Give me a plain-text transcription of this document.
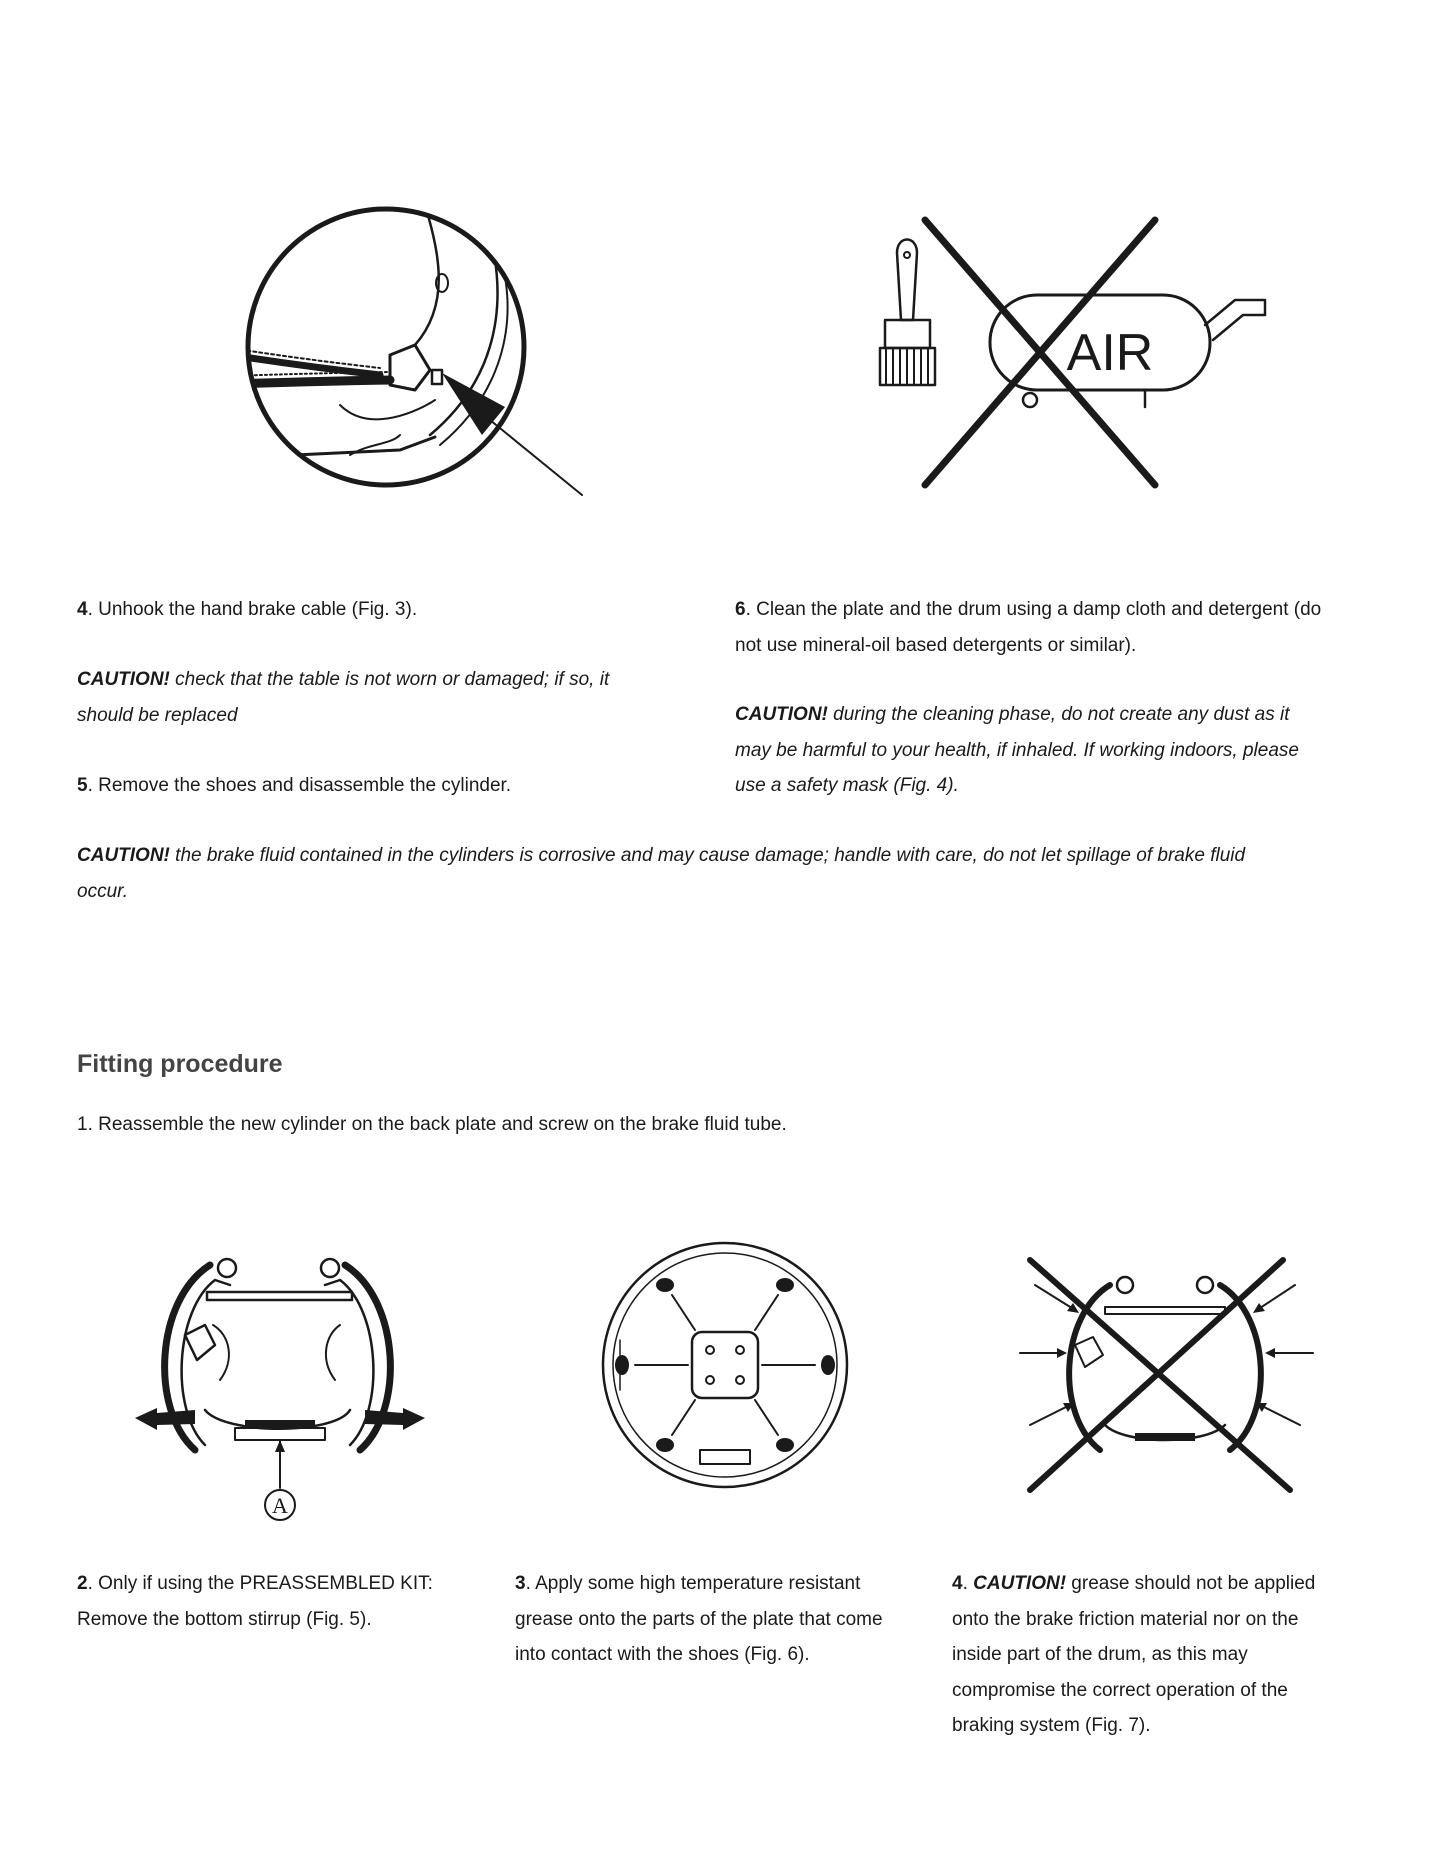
AIR

4. Unhook the hand brake cable (Fig. 3).

CAUTION! check that the table is not worn or damaged; if so, it
should be replaced

5. Remove the shoes and disassemble the cylinder.

6. Clean the plate and the drum using a damp cloth and detergent (do
not use mineral-oil based detergents or similar).

CAUTION! during the cleaning phase, do not create any dust as it
may be harmful to your health, if inhaled. If working indoors, please
use a safety mask (Fig. 4).

CAUTION! the brake fluid contained in the cylinders is corrosive and may cause damage; handle with care, do not let spillage of brake fluid
occur.

Fitting procedure

1. Reassemble the new cylinder on the back plate and screw on the brake fluid tube.

A

2. Only if using the PREASSEMBLED KIT:
Remove the bottom stirrup (Fig. 5).

3. Apply some high temperature resistant
grease onto the parts of the plate that come
into contact with the shoes (Fig. 6).

4. CAUTION! grease should not be applied
onto the brake friction material nor on the
inside part of the drum, as this may
compromise the correct operation of the
braking system (Fig. 7).
